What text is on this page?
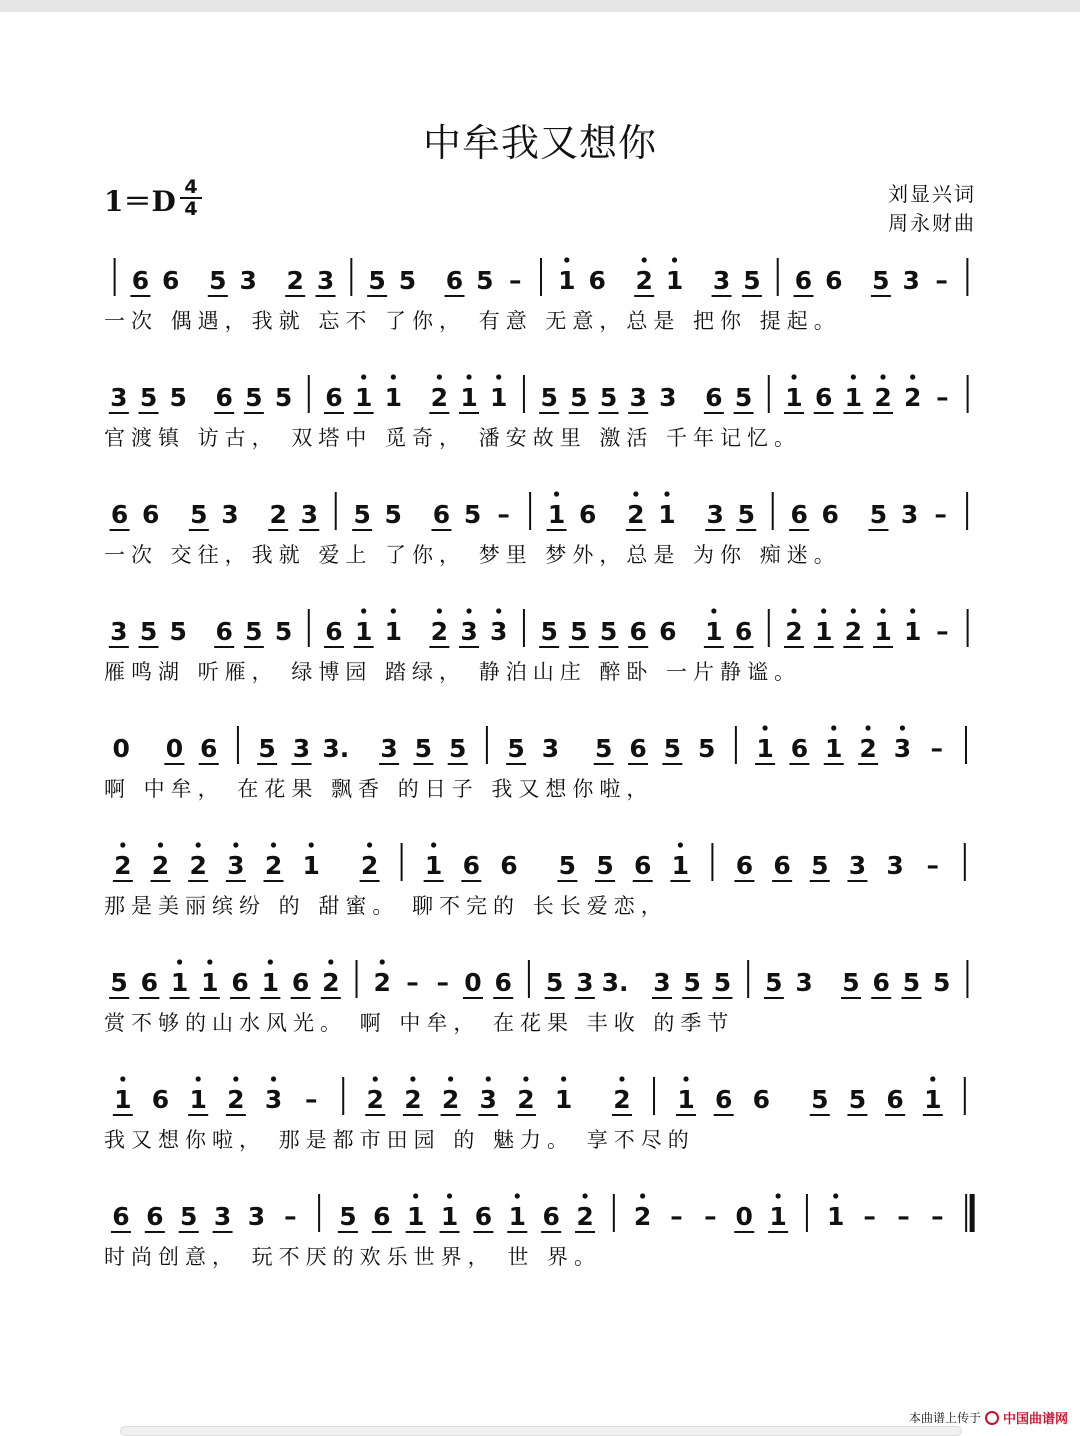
中牟我又想你
1＝D 4
4
刘显兴词
周永财曲
6 6 5 3 2 3 5 5 6 5 – 1 6 2 1 3 5 6 6 5 3 –
一次 偶遇，我就 忘不 了你， 有意 无意，总是 把你 提起。
3 5 5 6 5 5 6 1 1 2 1 1 5 5 5 3 3 6 5 1 6 1 2 2 –
官渡镇 访古， 双塔中 觅奇， 潘安故里 激活 千年记忆。
6 6 5 3 2 3 5 5 6 5 – 1 6 2 1 3 5 6 6 5 3 –
一次 交往，我就 爱上 了你， 梦里 梦外，总是 为你 痴迷。
3 5 5 6 5 5 6 1 1 2 3 3 5 5 5 6 6 1 6 2 1 2 1 1 –
雁鸣湖 听雁， 绿博园 踏绿， 静泊山庄 醉卧 一片静谧。
0 0 6 5 3 3. 3 5 5 5 3 5 6 5 5 1 6 1 2 3 –
啊 中牟， 在花果 飘香 的日子 我又想你啦，
2 2 2 3 2 1 2 1 6 6 5 5 6 1 6 6 5 3 3 –
那是美丽缤纷 的 甜蜜。 聊不完的 长长爱恋，
5 6 1 1 6 1 6 2 2 – – 0 6 5 3 3. 3 5 5 5 3 5 6 5 5
赏不够的山水风光。 啊 中牟， 在花果 丰收 的季节
1 6 1 2 3 – 2 2 2 3 2 1 2 1 6 6 5 5 6 1
我又想你啦， 那是都市田园 的 魅力。 享不尽的
6 6 5 3 3 – 5 6 1 1 6 1 6 2 2 – – 0 1 1 – – –
时尚创意， 玩不厌的欢乐世界， 世 界。
本曲谱上传于 中国曲谱网
